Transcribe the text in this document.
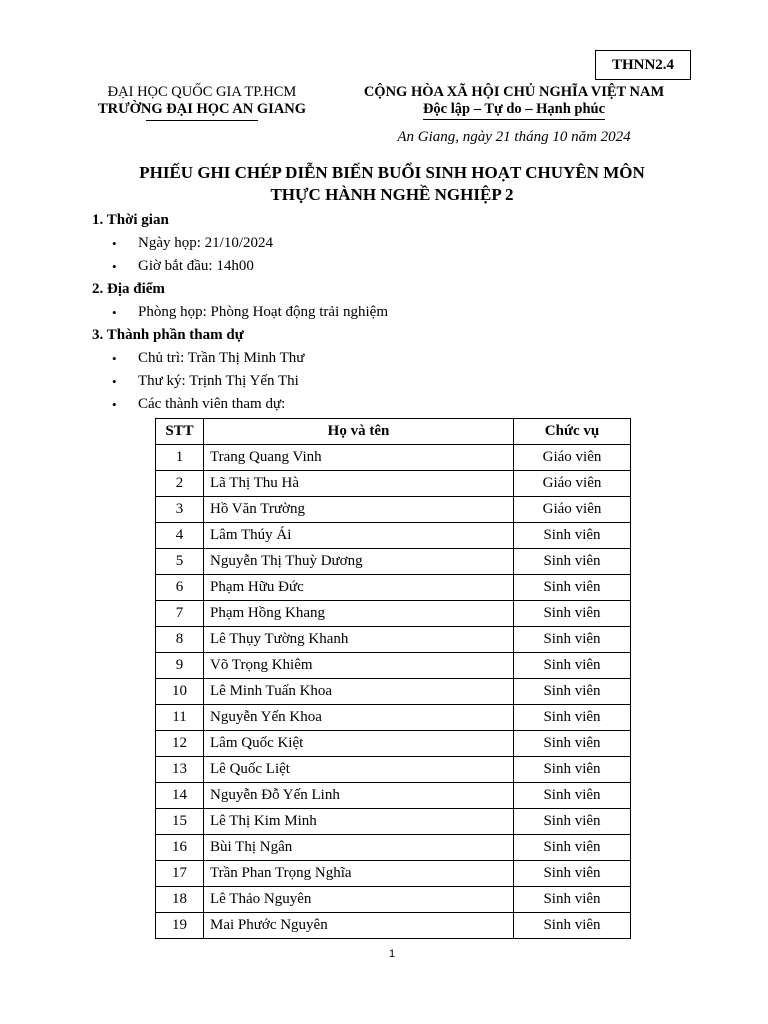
THNN2.4
ĐẠI HỌC QUỐC GIA TP.HCM
TRƯỜNG ĐẠI HỌC AN GIANG
CỘNG HÒA XÃ HỘI CHỦ NGHĨA VIỆT NAM
Độc lập – Tự do – Hạnh phúc
An Giang, ngày 21 tháng 10 năm 2024
PHIẾU GHI CHÉP DIỄN BIẾN BUỔI SINH HOẠT CHUYÊN MÔN
THỰC HÀNH NGHỀ NGHIỆP 2
1. Thời gian
• Ngày họp: 21/10/2024
• Giờ bắt đầu: 14h00
2. Địa điểm
• Phòng họp: Phòng Hoạt động trải nghiệm
3. Thành phần tham dự
• Chủ trì: Trần Thị Minh Thư
• Thư ký: Trịnh Thị Yến Thi
• Các thành viên tham dự:
STT	Họ và tên	Chức vụ
1	Trang Quang Vinh	Giáo viên
2	Lã Thị Thu Hà	Giáo viên
3	Hồ Văn Trường	Giáo viên
4	Lâm Thúy Ái	Sinh viên
5	Nguyễn Thị Thuỳ Dương	Sinh viên
6	Phạm Hữu Đức	Sinh viên
7	Phạm Hồng Khang	Sinh viên
8	Lê Thụy Tường Khanh	Sinh viên
9	Võ Trọng Khiêm	Sinh viên
10	Lê Minh Tuấn Khoa	Sinh viên
11	Nguyễn Yến Khoa	Sinh viên
12	Lâm Quốc Kiệt	Sinh viên
13	Lê Quốc Liệt	Sinh viên
14	Nguyễn Đỗ Yến Linh	Sinh viên
15	Lê Thị Kim Minh	Sinh viên
16	Bùi Thị Ngân	Sinh viên
17	Trần Phan Trọng Nghĩa	Sinh viên
18	Lê Thảo Nguyên	Sinh viên
19	Mai Phước Nguyên	Sinh viên
1
